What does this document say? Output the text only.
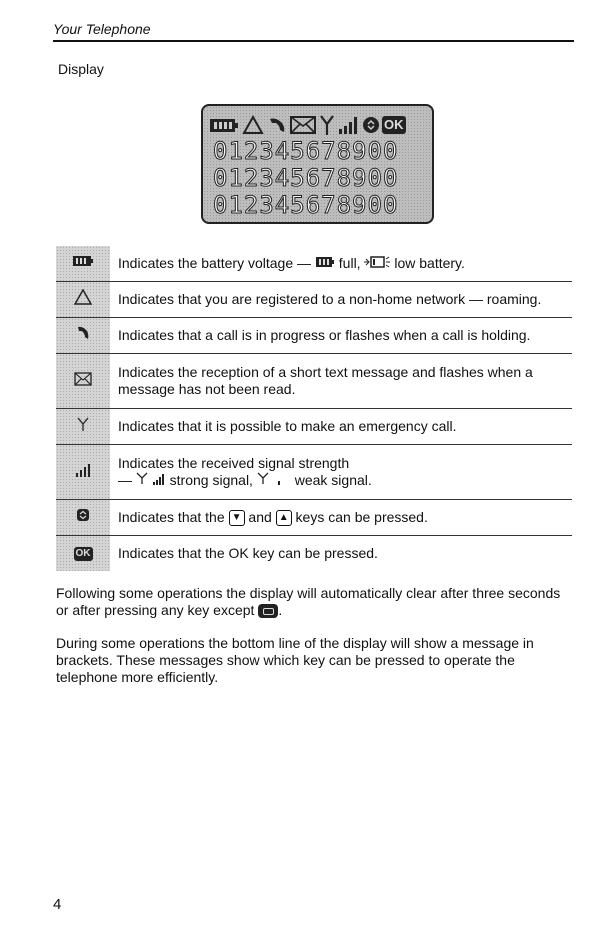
Your Telephone
Display
OK
012345678900
012345678900
012345678900
Indicates the battery voltage —  full,  low battery.
Indicates that you are registered to a non-home network — roaming.
Indicates that a call is in progress or flashes when a call is holding.
Indicates the reception of a short text message and flashes when a message has not been read.
Indicates that it is possible to make an emergency call.
Indicates the received signal strength
—   strong signal,	weak signal.
Indicates that the ▼ and ▲ keys can be pressed.
OK	Indicates that the OK key can be pressed.
Following some operations the display will automatically clear after three seconds or after pressing any key except .
During some operations the bottom line of the display will show a message in brackets. These messages show which key can be pressed to operate the telephone more efficiently.
4
